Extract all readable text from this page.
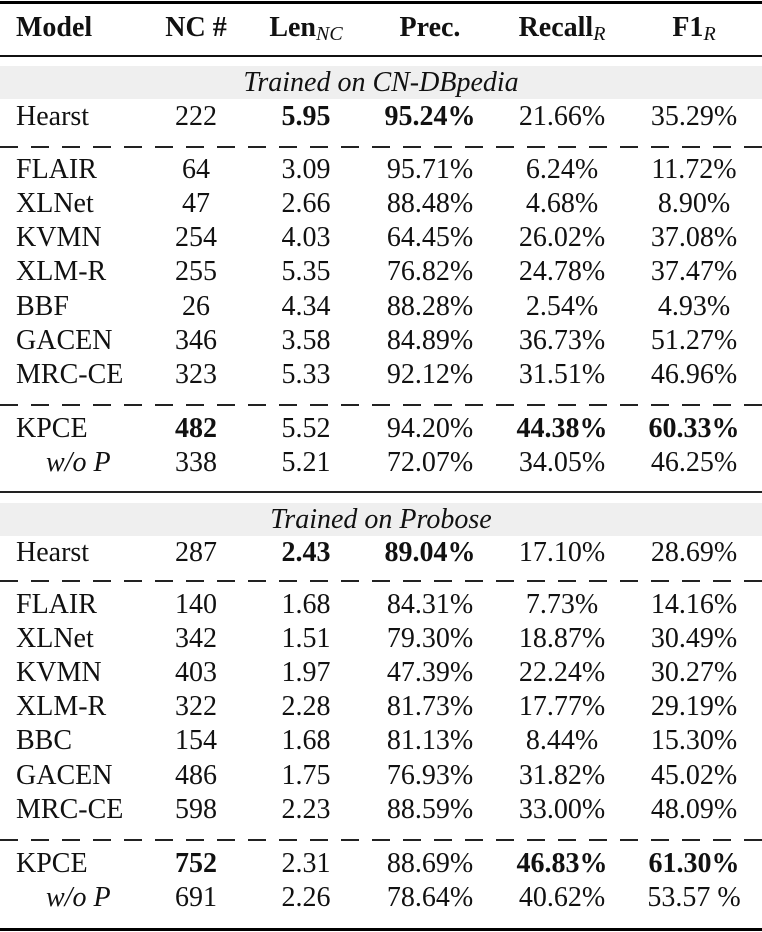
Model	NC #	Len$_{NC}$	Prec.	Recall$_R$	$F1_R$
Trained on CN-DBpedia
Hearst	222	5.95	95.24%	21.66%	35.29%
FLAIR	64	3.09	95.71%	6.24%	11.72%
XLNet	47	2.66	88.48%	4.68%	8.90%
KVMN	254	4.03	64.45%	26.02%	37.08%
XLM-R	255	5.35	76.82%	24.78%	37.47%
BBF	26	4.34	88.28%	2.54%	4.93%
GACEN	346	3.58	84.89%	36.73%	51.27%
MRC-CE	323	5.33	92.12%	31.51%	46.96%
KPCE	482	5.52	94.20%	44.38%	60.33%
w/o P	338	5.21	72.07%	34.05%	46.25%
Trained on Probose
Hearst	287	2.43	89.04%	17.10%	28.69%
FLAIR	140	1.68	84.31%	7.73%	14.16%
XLNet	342	1.51	79.30%	18.87%	30.49%
KVMN	403	1.97	47.39%	22.24%	30.27%
XLM-R	322	2.28	81.73%	17.77%	29.19%
BBC	154	1.68	81.13%	8.44%	15.30%
GACEN	486	1.75	76.93%	31.82%	45.02%
MRC-CE	598	2.23	88.59%	33.00%	48.09%
KPCE	752	2.31	88.69%	46.83%	61.30%
w/o P	691	2.26	78.64%	40.62%	53.57 %
